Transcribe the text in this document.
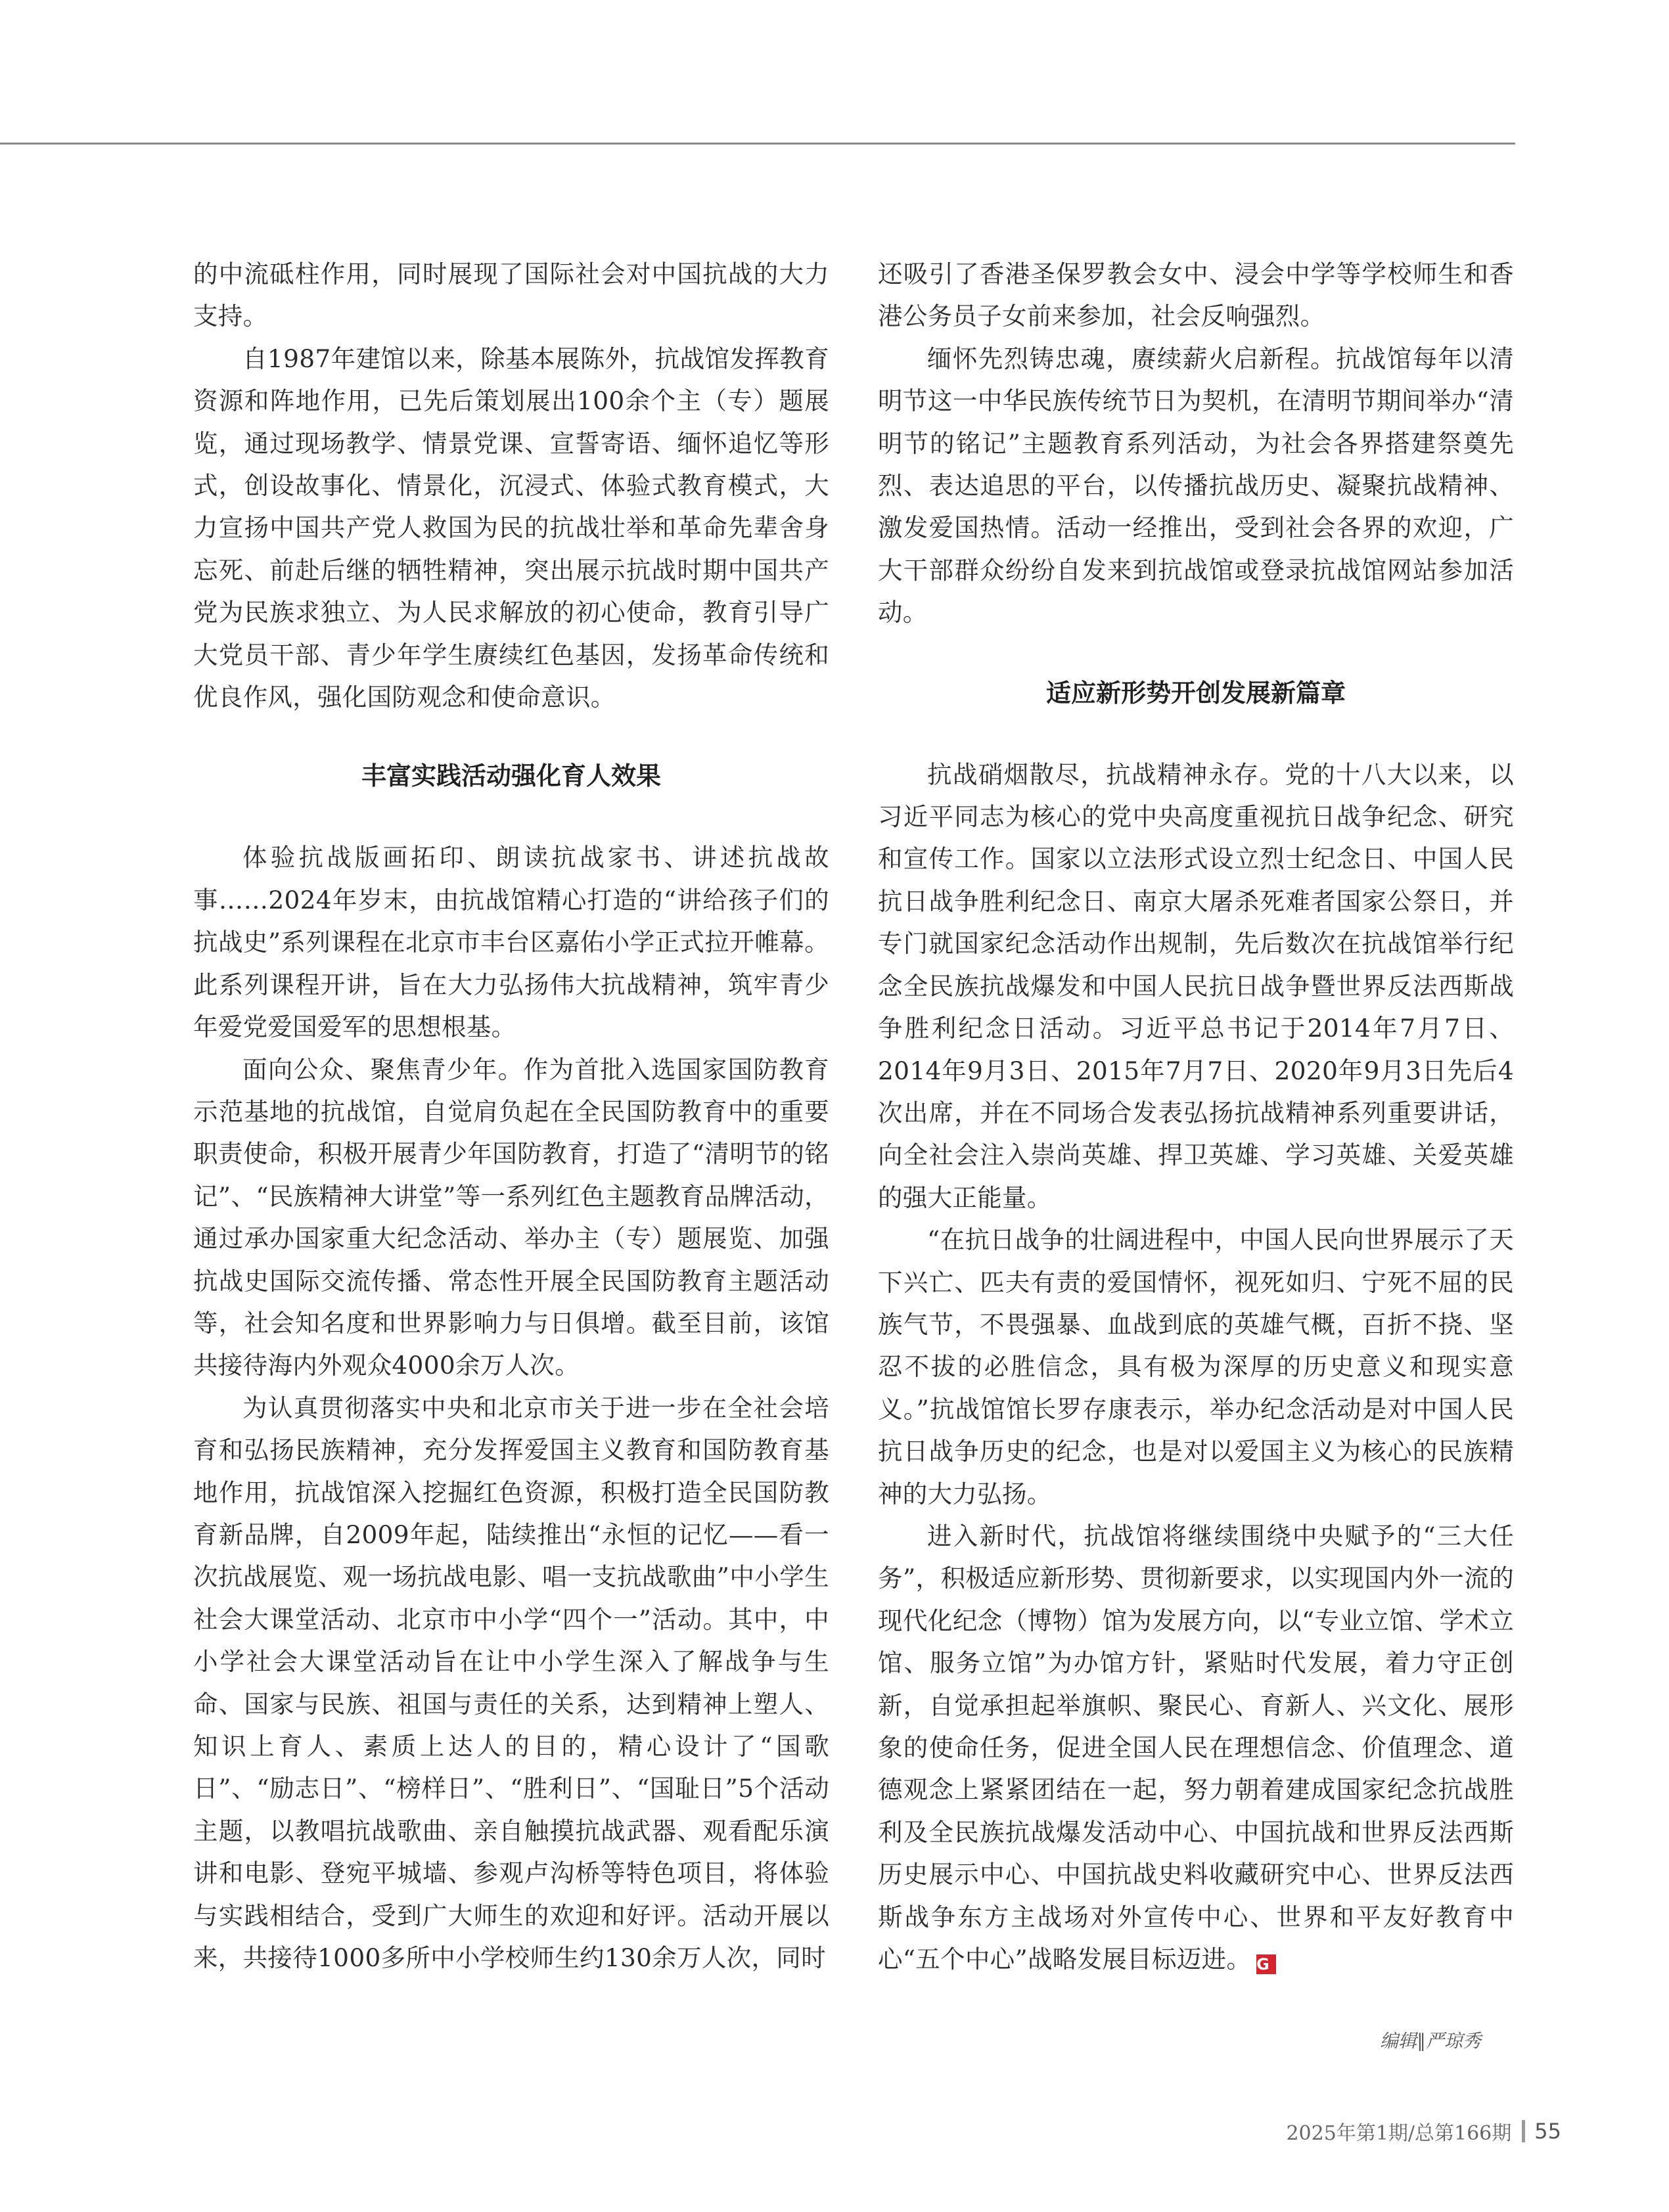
的中流砥柱作用，同时展现了国际社会对中国抗战的大力支持。

自1987年建馆以来，除基本展陈外，抗战馆发挥教育资源和阵地作用，已先后策划展出100余个主（专）题展览，通过现场教学、情景党课、宣誓寄语、缅怀追忆等形式，创设故事化、情景化，沉浸式、体验式教育模式，大力宣扬中国共产党人救国为民的抗战壮举和革命先辈舍身忘死、前赴后继的牺牲精神，突出展示抗战时期中国共产党为民族求独立、为人民求解放的初心使命，教育引导广大党员干部、青少年学生赓续红色基因，发扬革命传统和优良作风，强化国防观念和使命意识。

丰富实践活动强化育人效果

体验抗战版画拓印、朗读抗战家书、讲述抗战故事……2024年岁末，由抗战馆精心打造的“讲给孩子们的抗战史”系列课程在北京市丰台区嘉佑小学正式拉开帷幕。此系列课程开讲，旨在大力弘扬伟大抗战精神，筑牢青少年爱党爱国爱军的思想根基。

面向公众、聚焦青少年。作为首批入选国家国防教育示范基地的抗战馆，自觉肩负起在全民国防教育中的重要职责使命，积极开展青少年国防教育，打造了“清明节的铭记”、“民族精神大讲堂”等一系列红色主题教育品牌活动，通过承办国家重大纪念活动、举办主（专）题展览、加强抗战史国际交流传播、常态性开展全民国防教育主题活动等，社会知名度和世界影响力与日俱增。截至目前，该馆共接待海内外观众4000余万人次。

为认真贯彻落实中央和北京市关于进一步在全社会培育和弘扬民族精神，充分发挥爱国主义教育和国防教育基地作用，抗战馆深入挖掘红色资源，积极打造全民国防教育新品牌，自2009年起，陆续推出“永恒的记忆——看一次抗战展览、观一场抗战电影、唱一支抗战歌曲”中小学生社会大课堂活动、北京市中小学“四个一”活动。其中，中小学社会大课堂活动旨在让中小学生深入了解战争与生命、国家与民族、祖国与责任的关系，达到精神上塑人、知识上育人、素质上达人的目的，精心设计了“国歌日”、“励志日”、“榜样日”、“胜利日”、“国耻日”5个活动主题，以教唱抗战歌曲、亲自触摸抗战武器、观看配乐演讲和电影、登宛平城墙、参观卢沟桥等特色项目，将体验与实践相结合，受到广大师生的欢迎和好评。活动开展以来，共接待1000多所中小学校师生约130余万人次，同时

还吸引了香港圣保罗教会女中、浸会中学等学校师生和香港公务员子女前来参加，社会反响强烈。

缅怀先烈铸忠魂，赓续薪火启新程。抗战馆每年以清明节这一中华民族传统节日为契机，在清明节期间举办“清明节的铭记”主题教育系列活动，为社会各界搭建祭奠先烈、表达追思的平台，以传播抗战历史、凝聚抗战精神、激发爱国热情。活动一经推出，受到社会各界的欢迎，广大干部群众纷纷自发来到抗战馆或登录抗战馆网站参加活动。

适应新形势开创发展新篇章

抗战硝烟散尽，抗战精神永存。党的十八大以来，以习近平同志为核心的党中央高度重视抗日战争纪念、研究和宣传工作。国家以立法形式设立烈士纪念日、中国人民抗日战争胜利纪念日、南京大屠杀死难者国家公祭日，并专门就国家纪念活动作出规制，先后数次在抗战馆举行纪念全民族抗战爆发和中国人民抗日战争暨世界反法西斯战争胜利纪念日活动。习近平总书记于2014年7月7日、2014年9月3日、2015年7月7日、2020年9月3日先后4次出席，并在不同场合发表弘扬抗战精神系列重要讲话，向全社会注入崇尚英雄、捍卫英雄、学习英雄、关爱英雄的强大正能量。

“在抗日战争的壮阔进程中，中国人民向世界展示了天下兴亡、匹夫有责的爱国情怀，视死如归、宁死不屈的民族气节，不畏强暴、血战到底的英雄气概，百折不挠、坚忍不拔的必胜信念，具有极为深厚的历史意义和现实意义。”抗战馆馆长罗存康表示，举办纪念活动是对中国人民抗日战争历史的纪念，也是对以爱国主义为核心的民族精神的大力弘扬。

进入新时代，抗战馆将继续围绕中央赋予的“三大任务”，积极适应新形势、贯彻新要求，以实现国内外一流的现代化纪念（博物）馆为发展方向，以“专业立馆、学术立馆、服务立馆”为办馆方针，紧贴时代发展，着力守正创新，自觉承担起举旗帜、聚民心、育新人、兴文化、展形象的使命任务，促进全国人民在理想信念、价值理念、道德观念上紧紧团结在一起，努力朝着建成国家纪念抗战胜利及全民族抗战爆发活动中心、中国抗战和世界反法西斯历史展示中心、中国抗战史料收藏研究中心、世界反法西斯战争东方主战场对外宣传中心、世界和平友好教育中心“五个中心”战略发展目标迈进。 G

编辑∥严琼秀
2025年第1期/总第166期 55
